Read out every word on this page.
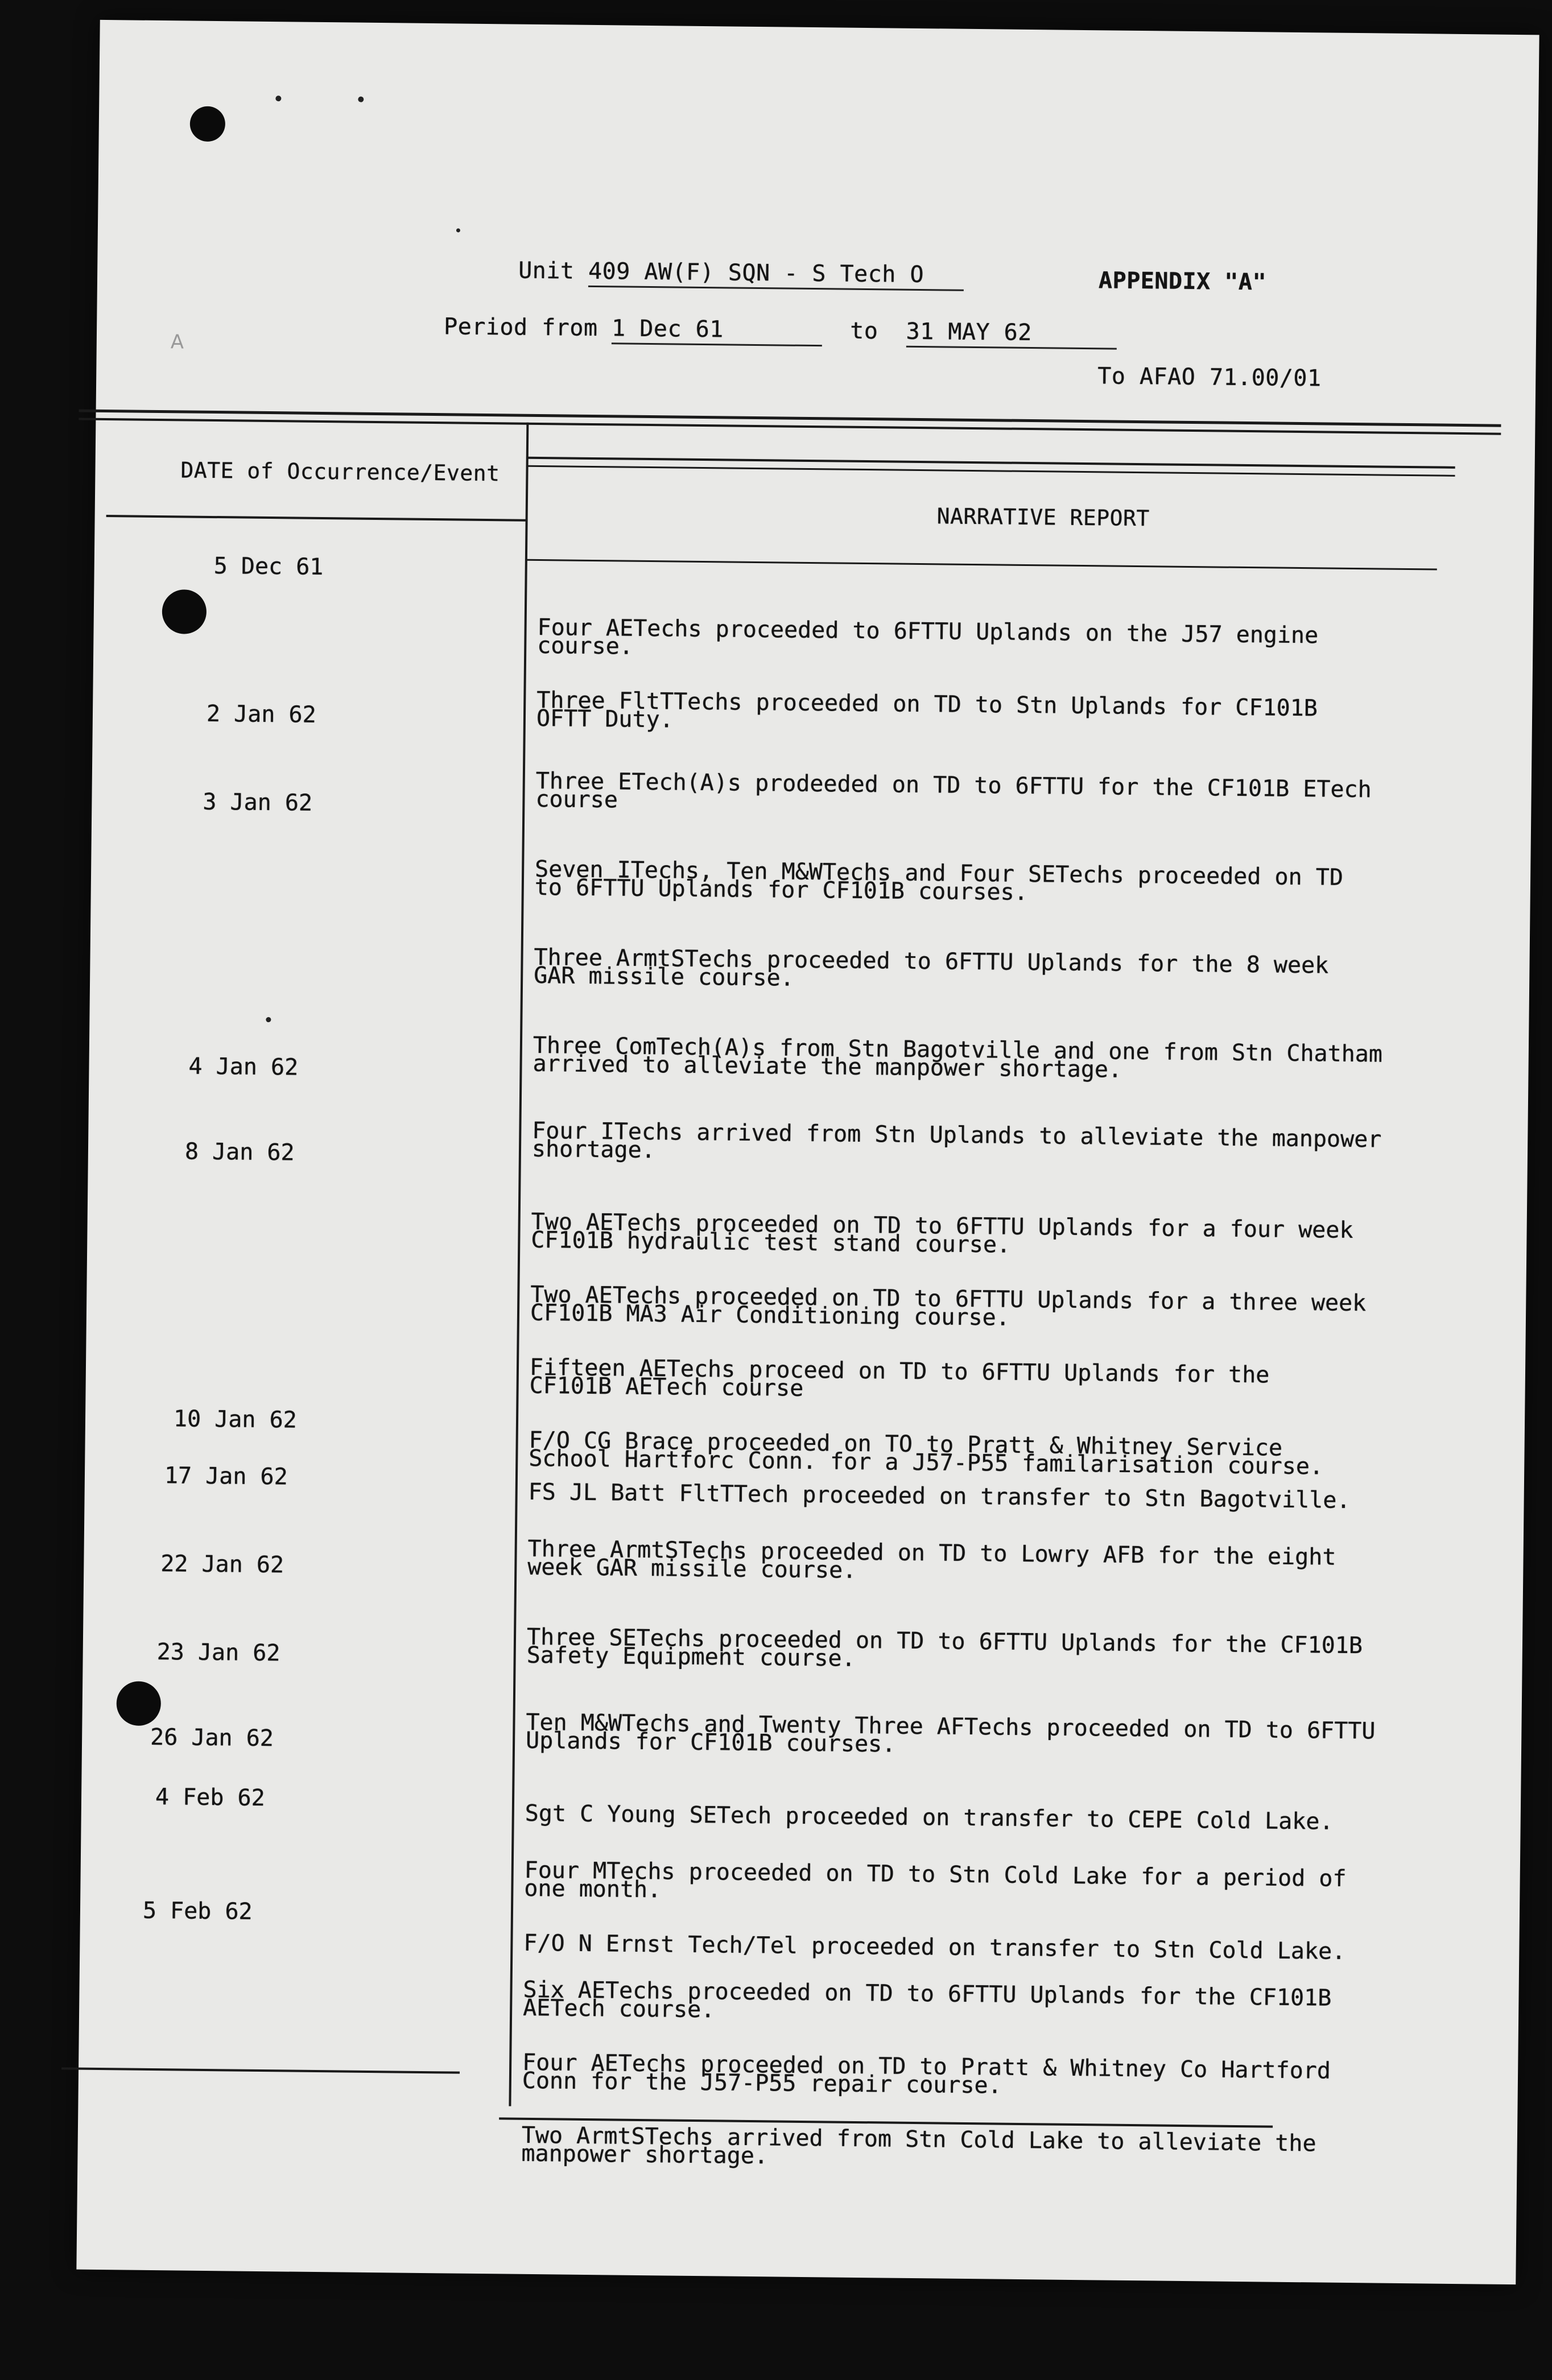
A

APPENDIX "A"

To AFAO 71.00/01

Unit 409 AW(F) SQN - S Tech O
Period from 1 Dec 61	to 31 MAY 62
DATE of Occurrence/Event
NARRATIVE REPORT
5 Dec 61
2 Jan 62
3 Jan 62
4 Jan 62
8 Jan 62
10 Jan 62
17 Jan 62
22 Jan 62
23 Jan 62
26 Jan 62
4 Feb 62
5 Feb 62

Four AETechs proceeded to 6FTTU Uplands on the J57 engine
course.

Three FltTTechs proceeded on TD to Stn Uplands for CF101B
OFTT Duty.

Three ETech(A)s prodeeded on TD to 6FTTU for the CF101B ETech
course

Seven ITechs, Ten M&WTechs and Four SETechs proceeded on TD
to 6FTTU Uplands for CF101B courses.

Three ArmtSTechs proceeded to 6FTTU Uplands for the 8 week
GAR missile course.

Three ComTech(A)s from Stn Bagotville and one from Stn Chatham
arrived to alleviate the manpower shortage.

Four ITechs arrived from Stn Uplands to alleviate the manpower
shortage.

Two AETechs proceeded on TD to 6FTTU Uplands for a four week
CF101B hydraulic test stand course.

Two AETechs proceeded on TD to 6FTTU Uplands for a three week
CF101B MA3 Air Conditioning course.

Fifteen AETechs proceed on TD to 6FTTU Uplands for the
CF101B AETech course

F/O CG Brace proceeded on TO to Pratt & Whitney Service
School Hartforc Conn. for a J57-P55 familarisation course.

FS JL Batt FltTTech proceeded on transfer to Stn Bagotville.

Three ArmtSTechs proceeded on TD to Lowry AFB for the eight
week GAR missile course.

Three SETechs proceeded on TD to 6FTTU Uplands for the CF101B
Safety Equipment course.

Ten M&WTechs and Twenty Three AFTechs proceeded on TD to 6FTTU
Uplands for CF101B courses.

Sgt C Young SETech proceeded on transfer to CEPE Cold Lake.

Four MTechs proceeded on TD to Stn Cold Lake for a period of
one month.

F/O N Ernst Tech/Tel proceeded on transfer to Stn Cold Lake.

Six AETechs proceeded on TD to 6FTTU Uplands for the CF101B
AETech course.

Four AETechs proceeded on TD to Pratt & Whitney Co Hartford
Conn for the J57-P55 repair course.

Two ArmtSTechs arrived from Stn Cold Lake to alleviate the
manpower shortage.
